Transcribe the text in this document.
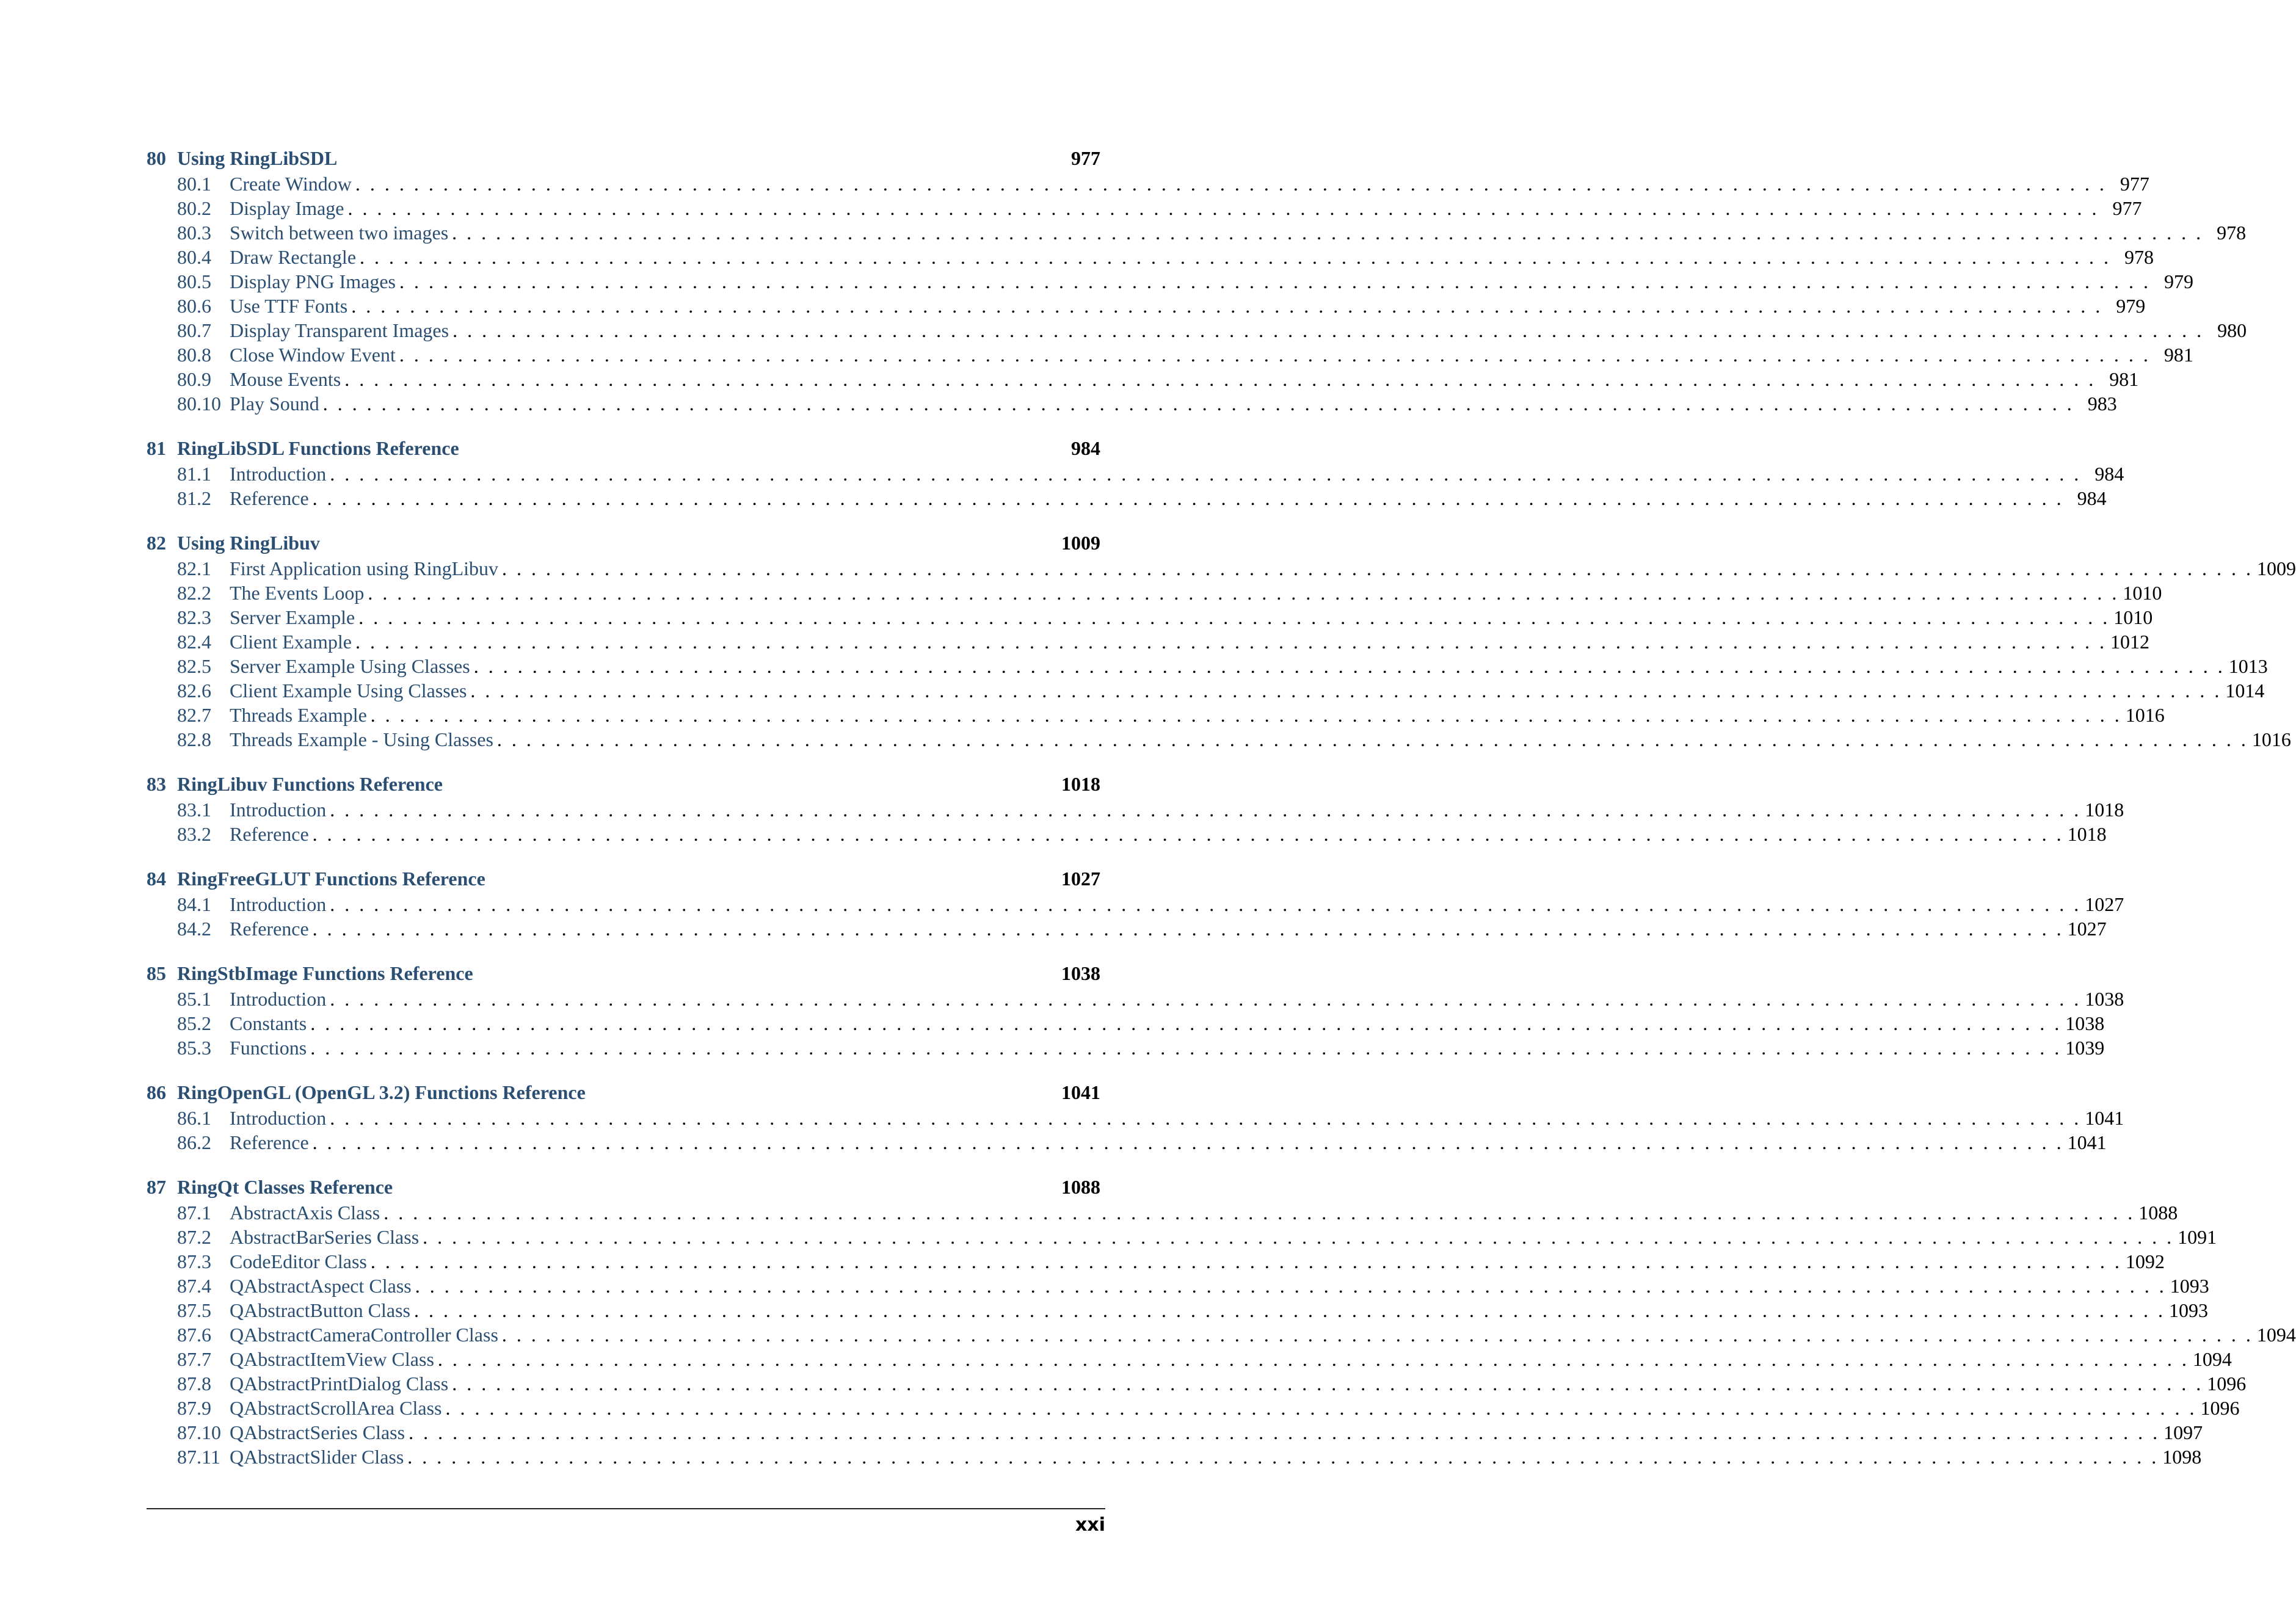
80 Using RingLibSDL	977
80.1 Create Window . . . . . . . . . . . . . . . . . . . . . . . . . . . . . . . . . . . . . . . . . . . . . . . . . . . . . . . . . . . . . . . . . . . . . . . . . . . . . . . . . . . . . . . . . . . . . . . . . . . . . . . . . . . . . . . . . . . . . . . . 977
80.2 Display Image . . . . . . . . . . . . . . . . . . . . . . . . . . . . . . . . . . . . . . . . . . . . . . . . . . . . . . . . . . . . . . . . . . . . . . . . . . . . . . . . . . . . . . . . . . . . . . . . . . . . . . . . . . . . . . . . . . . . . . . . 977
80.3 Switch between two images . . . . . . . . . . . . . . . . . . . . . . . . . . . . . . . . . . . . . . . . . . . . . . . . . . . . . . . . . . . . . . . . . . . . . . . . . . . . . . . . . . . . . . . . . . . . . . . . . . . . . . . . . . . . . . . . . . . . . . . . 978
80.4 Draw Rectangle . . . . . . . . . . . . . . . . . . . . . . . . . . . . . . . . . . . . . . . . . . . . . . . . . . . . . . . . . . . . . . . . . . . . . . . . . . . . . . . . . . . . . . . . . . . . . . . . . . . . . . . . . . . . . . . . . . . . . . . . 978
80.5 Display PNG Images . . . . . . . . . . . . . . . . . . . . . . . . . . . . . . . . . . . . . . . . . . . . . . . . . . . . . . . . . . . . . . . . . . . . . . . . . . . . . . . . . . . . . . . . . . . . . . . . . . . . . . . . . . . . . . . . . . . . . . . . 979
80.6 Use TTF Fonts . . . . . . . . . . . . . . . . . . . . . . . . . . . . . . . . . . . . . . . . . . . . . . . . . . . . . . . . . . . . . . . . . . . . . . . . . . . . . . . . . . . . . . . . . . . . . . . . . . . . . . . . . . . . . . . . . . . . . . . . 979
80.7 Display Transparent Images . . . . . . . . . . . . . . . . . . . . . . . . . . . . . . . . . . . . . . . . . . . . . . . . . . . . . . . . . . . . . . . . . . . . . . . . . . . . . . . . . . . . . . . . . . . . . . . . . . . . . . . . . . . . . . . . . . . . . . . . 980
80.8 Close Window Event . . . . . . . . . . . . . . . . . . . . . . . . . . . . . . . . . . . . . . . . . . . . . . . . . . . . . . . . . . . . . . . . . . . . . . . . . . . . . . . . . . . . . . . . . . . . . . . . . . . . . . . . . . . . . . . . . . . . . . . . 981
80.9 Mouse Events . . . . . . . . . . . . . . . . . . . . . . . . . . . . . . . . . . . . . . . . . . . . . . . . . . . . . . . . . . . . . . . . . . . . . . . . . . . . . . . . . . . . . . . . . . . . . . . . . . . . . . . . . . . . . . . . . . . . . . . . 981
80.10 Play Sound . . . . . . . . . . . . . . . . . . . . . . . . . . . . . . . . . . . . . . . . . . . . . . . . . . . . . . . . . . . . . . . . . . . . . . . . . . . . . . . . . . . . . . . . . . . . . . . . . . . . . . . . . . . . . . . . . . . . . . . . 983
81 RingLibSDL Functions Reference	984
81.1 Introduction . . . . . . . . . . . . . . . . . . . . . . . . . . . . . . . . . . . . . . . . . . . . . . . . . . . . . . . . . . . . . . . . . . . . . . . . . . . . . . . . . . . . . . . . . . . . . . . . . . . . . . . . . . . . . . . . . . . . . . . . 984
81.2 Reference . . . . . . . . . . . . . . . . . . . . . . . . . . . . . . . . . . . . . . . . . . . . . . . . . . . . . . . . . . . . . . . . . . . . . . . . . . . . . . . . . . . . . . . . . . . . . . . . . . . . . . . . . . . . . . . . . . . . . . . . 984
82 Using RingLibuv	1009
82.1 First Application using RingLibuv . . . . . . . . . . . . . . . . . . . . . . . . . . . . . . . . . . . . . . . . . . . . . . . . . . . . . . . . . . . . . . . . . . . . . . . . . . . . . . . . . . . . . . . . . . . . . . . . . . . . . . . . . . . . . . . . . . . . . . . . 1009
82.2 The Events Loop . . . . . . . . . . . . . . . . . . . . . . . . . . . . . . . . . . . . . . . . . . . . . . . . . . . . . . . . . . . . . . . . . . . . . . . . . . . . . . . . . . . . . . . . . . . . . . . . . . . . . . . . . . . . . . . . . . . . . . . . 1010
82.3 Server Example . . . . . . . . . . . . . . . . . . . . . . . . . . . . . . . . . . . . . . . . . . . . . . . . . . . . . . . . . . . . . . . . . . . . . . . . . . . . . . . . . . . . . . . . . . . . . . . . . . . . . . . . . . . . . . . . . . . . . . . . 1010
82.4 Client Example . . . . . . . . . . . . . . . . . . . . . . . . . . . . . . . . . . . . . . . . . . . . . . . . . . . . . . . . . . . . . . . . . . . . . . . . . . . . . . . . . . . . . . . . . . . . . . . . . . . . . . . . . . . . . . . . . . . . . . . . 1012
82.5 Server Example Using Classes . . . . . . . . . . . . . . . . . . . . . . . . . . . . . . . . . . . . . . . . . . . . . . . . . . . . . . . . . . . . . . . . . . . . . . . . . . . . . . . . . . . . . . . . . . . . . . . . . . . . . . . . . . . . . . . . . . . . . . . . 1013
82.6 Client Example Using Classes . . . . . . . . . . . . . . . . . . . . . . . . . . . . . . . . . . . . . . . . . . . . . . . . . . . . . . . . . . . . . . . . . . . . . . . . . . . . . . . . . . . . . . . . . . . . . . . . . . . . . . . . . . . . . . . . . . . . . . . . 1014
82.7 Threads Example . . . . . . . . . . . . . . . . . . . . . . . . . . . . . . . . . . . . . . . . . . . . . . . . . . . . . . . . . . . . . . . . . . . . . . . . . . . . . . . . . . . . . . . . . . . . . . . . . . . . . . . . . . . . . . . . . . . . . . . . 1016
82.8 Threads Example - Using Classes . . . . . . . . . . . . . . . . . . . . . . . . . . . . . . . . . . . . . . . . . . . . . . . . . . . . . . . . . . . . . . . . . . . . . . . . . . . . . . . . . . . . . . . . . . . . . . . . . . . . . . . . . . . . . . . . . . . . . . . . 1016
83 RingLibuv Functions Reference	1018
83.1 Introduction . . . . . . . . . . . . . . . . . . . . . . . . . . . . . . . . . . . . . . . . . . . . . . . . . . . . . . . . . . . . . . . . . . . . . . . . . . . . . . . . . . . . . . . . . . . . . . . . . . . . . . . . . . . . . . . . . . . . . . . . 1018
83.2 Reference . . . . . . . . . . . . . . . . . . . . . . . . . . . . . . . . . . . . . . . . . . . . . . . . . . . . . . . . . . . . . . . . . . . . . . . . . . . . . . . . . . . . . . . . . . . . . . . . . . . . . . . . . . . . . . . . . . . . . . . . 1018
84 RingFreeGLUT Functions Reference	1027
84.1 Introduction . . . . . . . . . . . . . . . . . . . . . . . . . . . . . . . . . . . . . . . . . . . . . . . . . . . . . . . . . . . . . . . . . . . . . . . . . . . . . . . . . . . . . . . . . . . . . . . . . . . . . . . . . . . . . . . . . . . . . . . . 1027
84.2 Reference . . . . . . . . . . . . . . . . . . . . . . . . . . . . . . . . . . . . . . . . . . . . . . . . . . . . . . . . . . . . . . . . . . . . . . . . . . . . . . . . . . . . . . . . . . . . . . . . . . . . . . . . . . . . . . . . . . . . . . . . 1027
85 RingStbImage Functions Reference	1038
85.1 Introduction . . . . . . . . . . . . . . . . . . . . . . . . . . . . . . . . . . . . . . . . . . . . . . . . . . . . . . . . . . . . . . . . . . . . . . . . . . . . . . . . . . . . . . . . . . . . . . . . . . . . . . . . . . . . . . . . . . . . . . . . 1038
85.2 Constants . . . . . . . . . . . . . . . . . . . . . . . . . . . . . . . . . . . . . . . . . . . . . . . . . . . . . . . . . . . . . . . . . . . . . . . . . . . . . . . . . . . . . . . . . . . . . . . . . . . . . . . . . . . . . . . . . . . . . . . . 1038
85.3 Functions . . . . . . . . . . . . . . . . . . . . . . . . . . . . . . . . . . . . . . . . . . . . . . . . . . . . . . . . . . . . . . . . . . . . . . . . . . . . . . . . . . . . . . . . . . . . . . . . . . . . . . . . . . . . . . . . . . . . . . . . 1039
86 RingOpenGL (OpenGL 3.2) Functions Reference	1041
86.1 Introduction . . . . . . . . . . . . . . . . . . . . . . . . . . . . . . . . . . . . . . . . . . . . . . . . . . . . . . . . . . . . . . . . . . . . . . . . . . . . . . . . . . . . . . . . . . . . . . . . . . . . . . . . . . . . . . . . . . . . . . . . 1041
86.2 Reference . . . . . . . . . . . . . . . . . . . . . . . . . . . . . . . . . . . . . . . . . . . . . . . . . . . . . . . . . . . . . . . . . . . . . . . . . . . . . . . . . . . . . . . . . . . . . . . . . . . . . . . . . . . . . . . . . . . . . . . . 1041
87 RingQt Classes Reference	1088
87.1 AbstractAxis Class . . . . . . . . . . . . . . . . . . . . . . . . . . . . . . . . . . . . . . . . . . . . . . . . . . . . . . . . . . . . . . . . . . . . . . . . . . . . . . . . . . . . . . . . . . . . . . . . . . . . . . . . . . . . . . . . . . . . . . . . 1088
87.2 AbstractBarSeries Class . . . . . . . . . . . . . . . . . . . . . . . . . . . . . . . . . . . . . . . . . . . . . . . . . . . . . . . . . . . . . . . . . . . . . . . . . . . . . . . . . . . . . . . . . . . . . . . . . . . . . . . . . . . . . . . . . . . . . . . . 1091
87.3 CodeEditor Class . . . . . . . . . . . . . . . . . . . . . . . . . . . . . . . . . . . . . . . . . . . . . . . . . . . . . . . . . . . . . . . . . . . . . . . . . . . . . . . . . . . . . . . . . . . . . . . . . . . . . . . . . . . . . . . . . . . . . . . . 1092
87.4 QAbstractAspect Class . . . . . . . . . . . . . . . . . . . . . . . . . . . . . . . . . . . . . . . . . . . . . . . . . . . . . . . . . . . . . . . . . . . . . . . . . . . . . . . . . . . . . . . . . . . . . . . . . . . . . . . . . . . . . . . . . . . . . . . . 1093
87.5 QAbstractButton Class . . . . . . . . . . . . . . . . . . . . . . . . . . . . . . . . . . . . . . . . . . . . . . . . . . . . . . . . . . . . . . . . . . . . . . . . . . . . . . . . . . . . . . . . . . . . . . . . . . . . . . . . . . . . . . . . . . . . . . . . 1093
87.6 QAbstractCameraController Class . . . . . . . . . . . . . . . . . . . . . . . . . . . . . . . . . . . . . . . . . . . . . . . . . . . . . . . . . . . . . . . . . . . . . . . . . . . . . . . . . . . . . . . . . . . . . . . . . . . . . . . . . . . . . . . . . . . . . . . . 1094
87.7 QAbstractItemView Class . . . . . . . . . . . . . . . . . . . . . . . . . . . . . . . . . . . . . . . . . . . . . . . . . . . . . . . . . . . . . . . . . . . . . . . . . . . . . . . . . . . . . . . . . . . . . . . . . . . . . . . . . . . . . . . . . . . . . . . . 1094
87.8 QAbstractPrintDialog Class . . . . . . . . . . . . . . . . . . . . . . . . . . . . . . . . . . . . . . . . . . . . . . . . . . . . . . . . . . . . . . . . . . . . . . . . . . . . . . . . . . . . . . . . . . . . . . . . . . . . . . . . . . . . . . . . . . . . . . . . 1096
87.9 QAbstractScrollArea Class . . . . . . . . . . . . . . . . . . . . . . . . . . . . . . . . . . . . . . . . . . . . . . . . . . . . . . . . . . . . . . . . . . . . . . . . . . . . . . . . . . . . . . . . . . . . . . . . . . . . . . . . . . . . . . . . . . . . . . . . 1096
87.10 QAbstractSeries Class . . . . . . . . . . . . . . . . . . . . . . . . . . . . . . . . . . . . . . . . . . . . . . . . . . . . . . . . . . . . . . . . . . . . . . . . . . . . . . . . . . . . . . . . . . . . . . . . . . . . . . . . . . . . . . . . . . . . . . . . 1097
87.11 QAbstractSlider Class . . . . . . . . . . . . . . . . . . . . . . . . . . . . . . . . . . . . . . . . . . . . . . . . . . . . . . . . . . . . . . . . . . . . . . . . . . . . . . . . . . . . . . . . . . . . . . . . . . . . . . . . . . . . . . . . . . . . . . . . 1098
xxi
